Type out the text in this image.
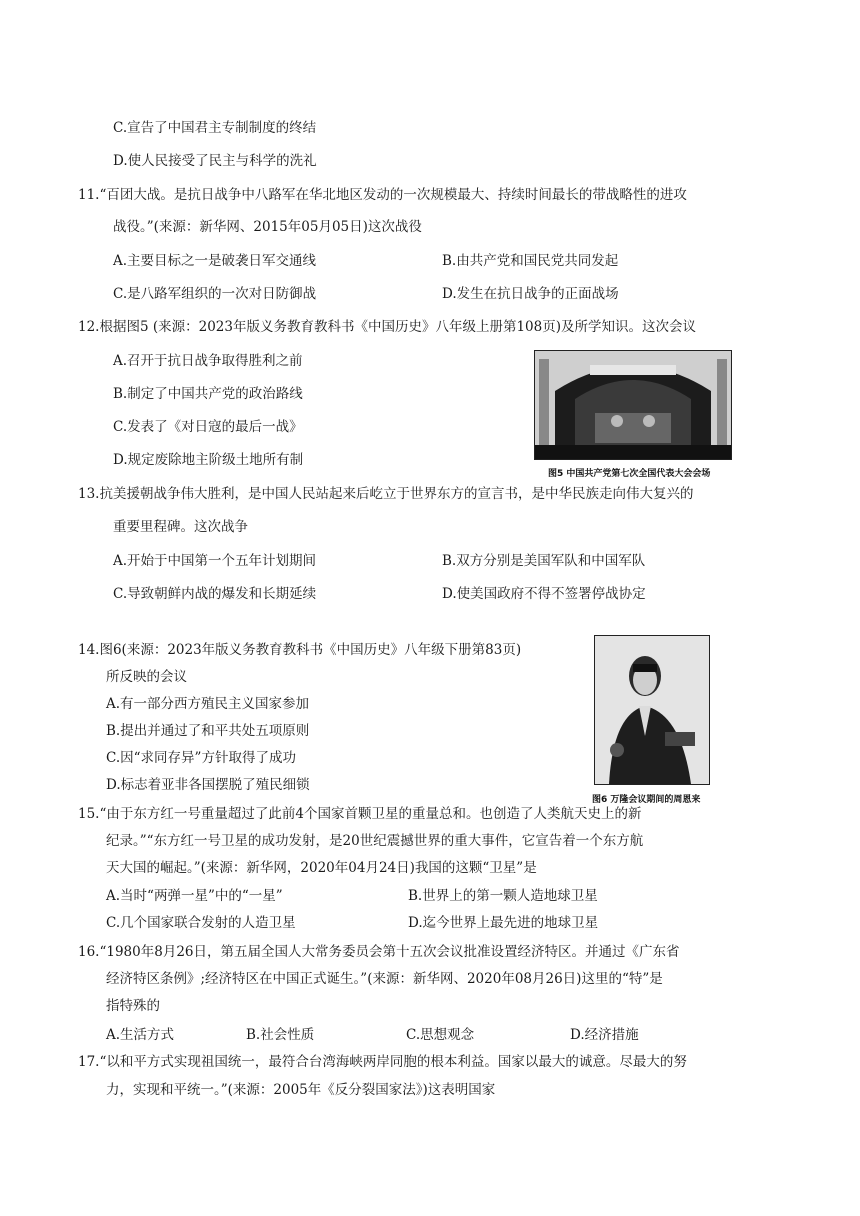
C.宣告了中国君主专制制度的终结
D.使人民接受了民主与科学的洗礼
11.“百团大战。是抗日战争中八路军在华北地区发动的一次规模最大、持续时间最长的带战略性的进攻
战役。”(来源：新华网、2015年05月05日)这次战役
A.主要目标之一是破袭日军交通线	B.由共产党和国民党共同发起
C.是八路军组织的一次对日防御战	D.发生在抗日战争的正面战场
12.根据图5 (来源：2023年版义务教育教科书《中国历史》八年级上册第108页)及所学知识。这次会议
A.召开于抗日战争取得胜利之前
B.制定了中国共产党的政治路线
C.发表了《对日寇的最后一战》
D.规定废除地主阶级土地所有制
图5 中国共产党第七次全国代表大会会场
13.抗美援朝战争伟大胜利，是中国人民站起来后屹立于世界东方的宣言书，是中华民族走向伟大复兴的
重要里程碑。这次战争
A.开始于中国第一个五年计划期间	B.双方分别是美国军队和中国军队
C.导致朝鲜内战的爆发和长期延续	D.使美国政府不得不签署停战协定
14.图6(来源：2023年版义务教育教科书《中国历史》八年级下册第83页)
所反映的会议
A.有一部分西方殖民主义国家参加
B.提出并通过了和平共处五项原则
C.因“求同存异”方针取得了成功
D.标志着亚非各国摆脱了殖民细锁
图6 万隆会议期间的周恩来
15.“由于东方红一号重量超过了此前4个国家首颗卫星的重量总和。也创造了人类航天史上的新
纪录。”“东方红一号卫星的成功发射，是20世纪震撼世界的重大事件，它宣告着一个东方航
天大国的崛起。”(来源：新华网，2020年04月24日)我国的这颗“卫星”是
A.当时“两弹一星”中的“一星”	B.世界上的第一颗人造地球卫星
C.几个国家联合发射的人造卫星	D.迄今世界上最先进的地球卫星
16.“1980年8月26日，第五届全国人大常务委员会第十五次会议批准设置经济特区。并通过《广东省
经济特区条例》;经济特区在中国正式诞生。”(来源：新华网、2020年08月26日)这里的“特”是
指特殊的
A.生活方式	B.社会性质	C.思想观念	D.经济措施
17.“以和平方式实现祖国统一，最符合台湾海峡两岸同胞的根本利益。国家以最大的诚意。尽最大的努
力，实现和平统一。”(来源：2005年《反分裂国家法》)这表明国家
